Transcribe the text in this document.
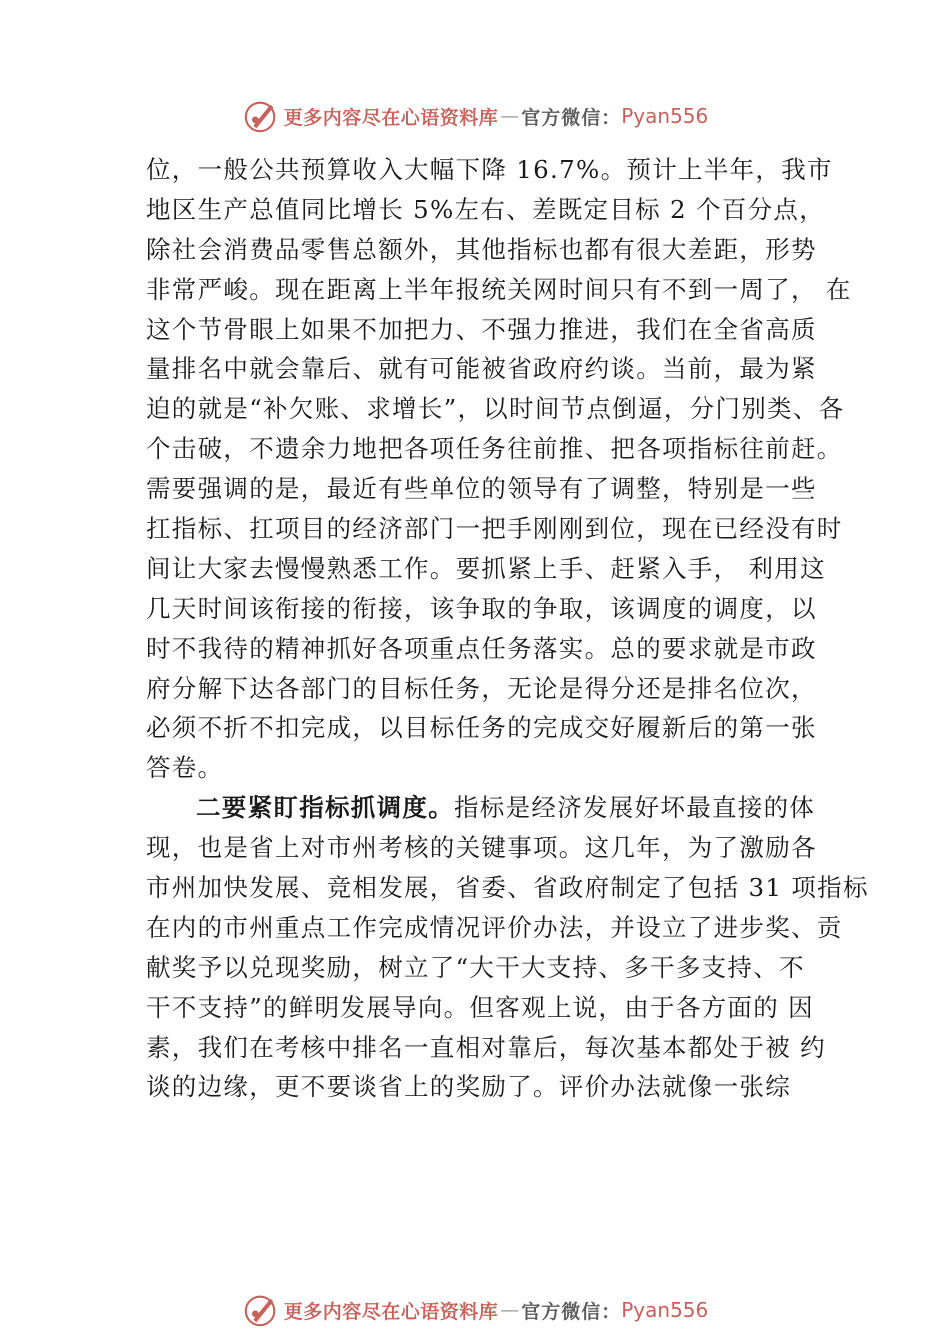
更多内容尽在心语资料库 — 官方微信： Pyan556
位，一般公共预算收入大幅下降 16.7%。预计上半年，我市
地区生产总值同比增长 5%左右、差既定目标 2 个百分点，
除社会消费品零售总额外，其他指标也都有很大差距，形势
非常严峻。现在距离上半年报统关网时间只有不到一周了， 在
这个节骨眼上如果不加把力、不强力推进，我们在全省高质
量排名中就会靠后、就有可能被省政府约谈。当前，最为紧
迫的就是“补欠账、求增长”，以时间节点倒逼，分门别类、各
个击破，不遗余力地把各项任务往前推、把各项指标往前赶。
需要强调的是，最近有些单位的领导有了调整，特别是一些
扛指标、扛项目的经济部门一把手刚刚到位，现在已经没有时
间让大家去慢慢熟悉工作。要抓紧上手、赶紧入手， 利用这
几天时间该衔接的衔接，该争取的争取，该调度的调度，以
时不我待的精神抓好各项重点任务落实。总的要求就是市政
府分解下达各部门的目标任务，无论是得分还是排名位次，
必须不折不扣完成，以目标任务的完成交好履新后的第一张
答卷。
二要紧盯指标抓调度。指标是经济发展好坏最直接的体
现，也是省上对市州考核的关键事项。这几年，为了激励各
市州加快发展、竞相发展，省委、省政府制定了包括 31 项指标
在内的市州重点工作完成情况评价办法，并设立了进步奖、贡
献奖予以兑现奖励，树立了“大干大支持、多干多支持、不
干不支持”的鲜明发展导向。但客观上说，由于各方面的 因
素，我们在考核中排名一直相对靠后，每次基本都处于被 约
谈的边缘，更不要谈省上的奖励了。评价办法就像一张综
更多内容尽在心语资料库 — 官方微信： Pyan556
